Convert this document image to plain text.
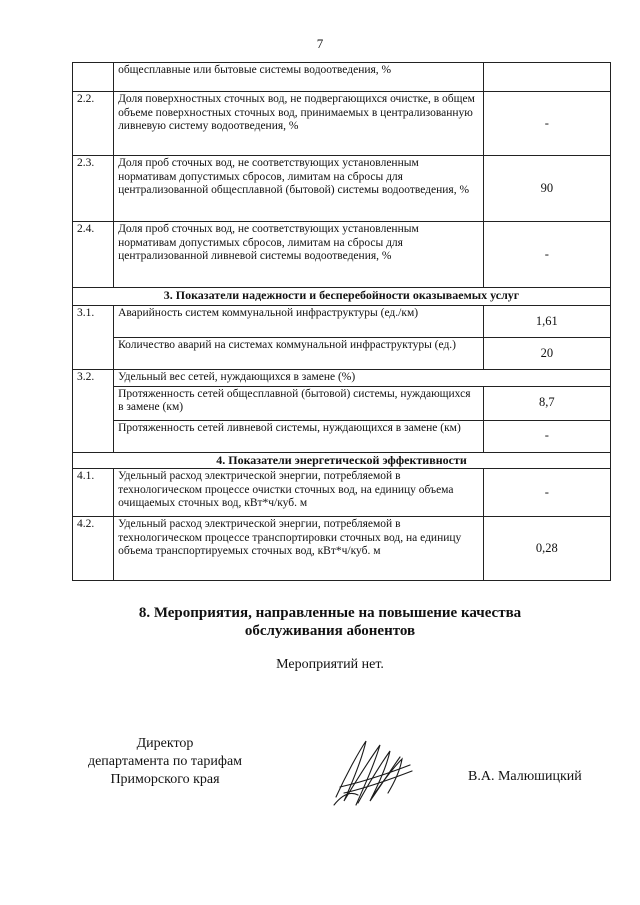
7
	общесплавные или бытовые системы водоотведения, %	
2.2.	Доля поверхностных сточных вод, не подвергающихся очистке, в общем объеме поверхностных сточных вод, принимаемых в централизованную ливневую систему водоотведения, %	-
2.3.	Доля проб сточных вод, не соответствующих установленным нормативам допустимых сбросов, лимитам на сбросы для централизованной общесплавной (бытовой) системы водоотведения, %	90
2.4.	Доля проб сточных вод, не соответствующих установленным нормативам допустимых сбросов, лимитам на сбросы для централизованной ливневой системы водоотведения, %	-
3. Показатели надежности и бесперебойности оказываемых услуг		
3.1.	Аварийность систем коммунальной инфраструктуры (ед./км)	1,61
	Количество аварий на системах коммунальной инфраструктуры (ед.)	20
3.2.	Удельный вес сетей, нуждающихся в замене (%)	
	Протяженность сетей общесплавной (бытовой) системы, нуждающихся в замене (км)	8,7
	Протяженность сетей ливневой системы, нуждающихся в замене (км)	-
4. Показатели энергетической эффективности		
4.1.	Удельный расход электрической энергии, потребляемой в технологическом процессе очистки сточных вод, на единицу объема очищаемых сточных вод, кВт*ч/куб. м	-
4.2.	Удельный расход электрической энергии, потребляемой в технологическом процессе транспортировки сточных вод, на единицу объема транспортируемых сточных вод, кВт*ч/куб. м	0,28
8. Мероприятия, направленные на повышение качества
обслуживания абонентов
Мероприятий нет.
Директор
департамента по тарифам
Приморского края	В.А. Малюшицкий
